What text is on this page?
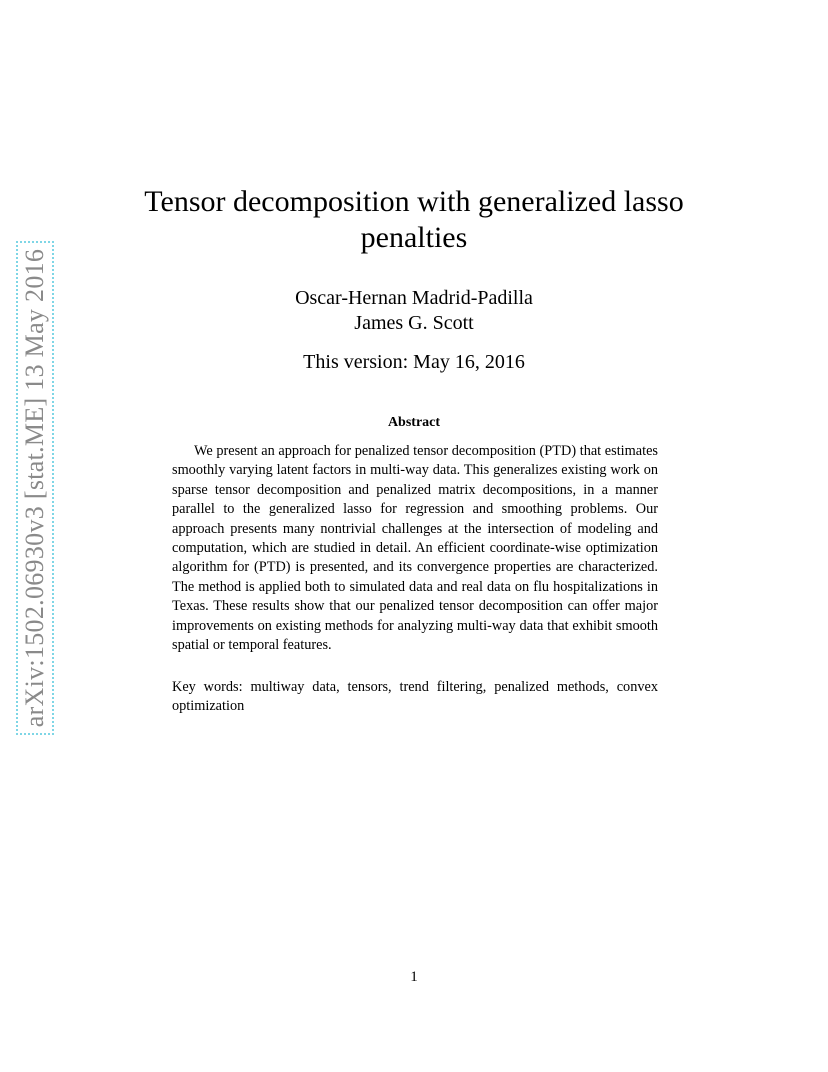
arXiv:1502.06930v3 [stat.ME] 13 May 2016
Tensor decomposition with generalized lasso penalties
Oscar-Hernan Madrid-Padilla
James G. Scott
This version: May 16, 2016
Abstract

We present an approach for penalized tensor decomposition (PTD) that estimates smoothly varying latent factors in multi-way data. This generalizes existing work on sparse tensor decomposition and penalized matrix decompositions, in a manner parallel to the generalized lasso for regression and smoothing problems. Our approach presents many nontrivial challenges at the intersection of modeling and computation, which are studied in detail. An efficient coordinate-wise optimization algorithm for (PTD) is presented, and its convergence properties are characterized. The method is applied both to simulated data and real data on flu hospitalizations in Texas. These results show that our penalized tensor decomposition can offer major improvements on existing methods for analyzing multi-way data that exhibit smooth spatial or temporal features.

Key words: multiway data, tensors, trend filtering, penalized methods, convex optimization

1
